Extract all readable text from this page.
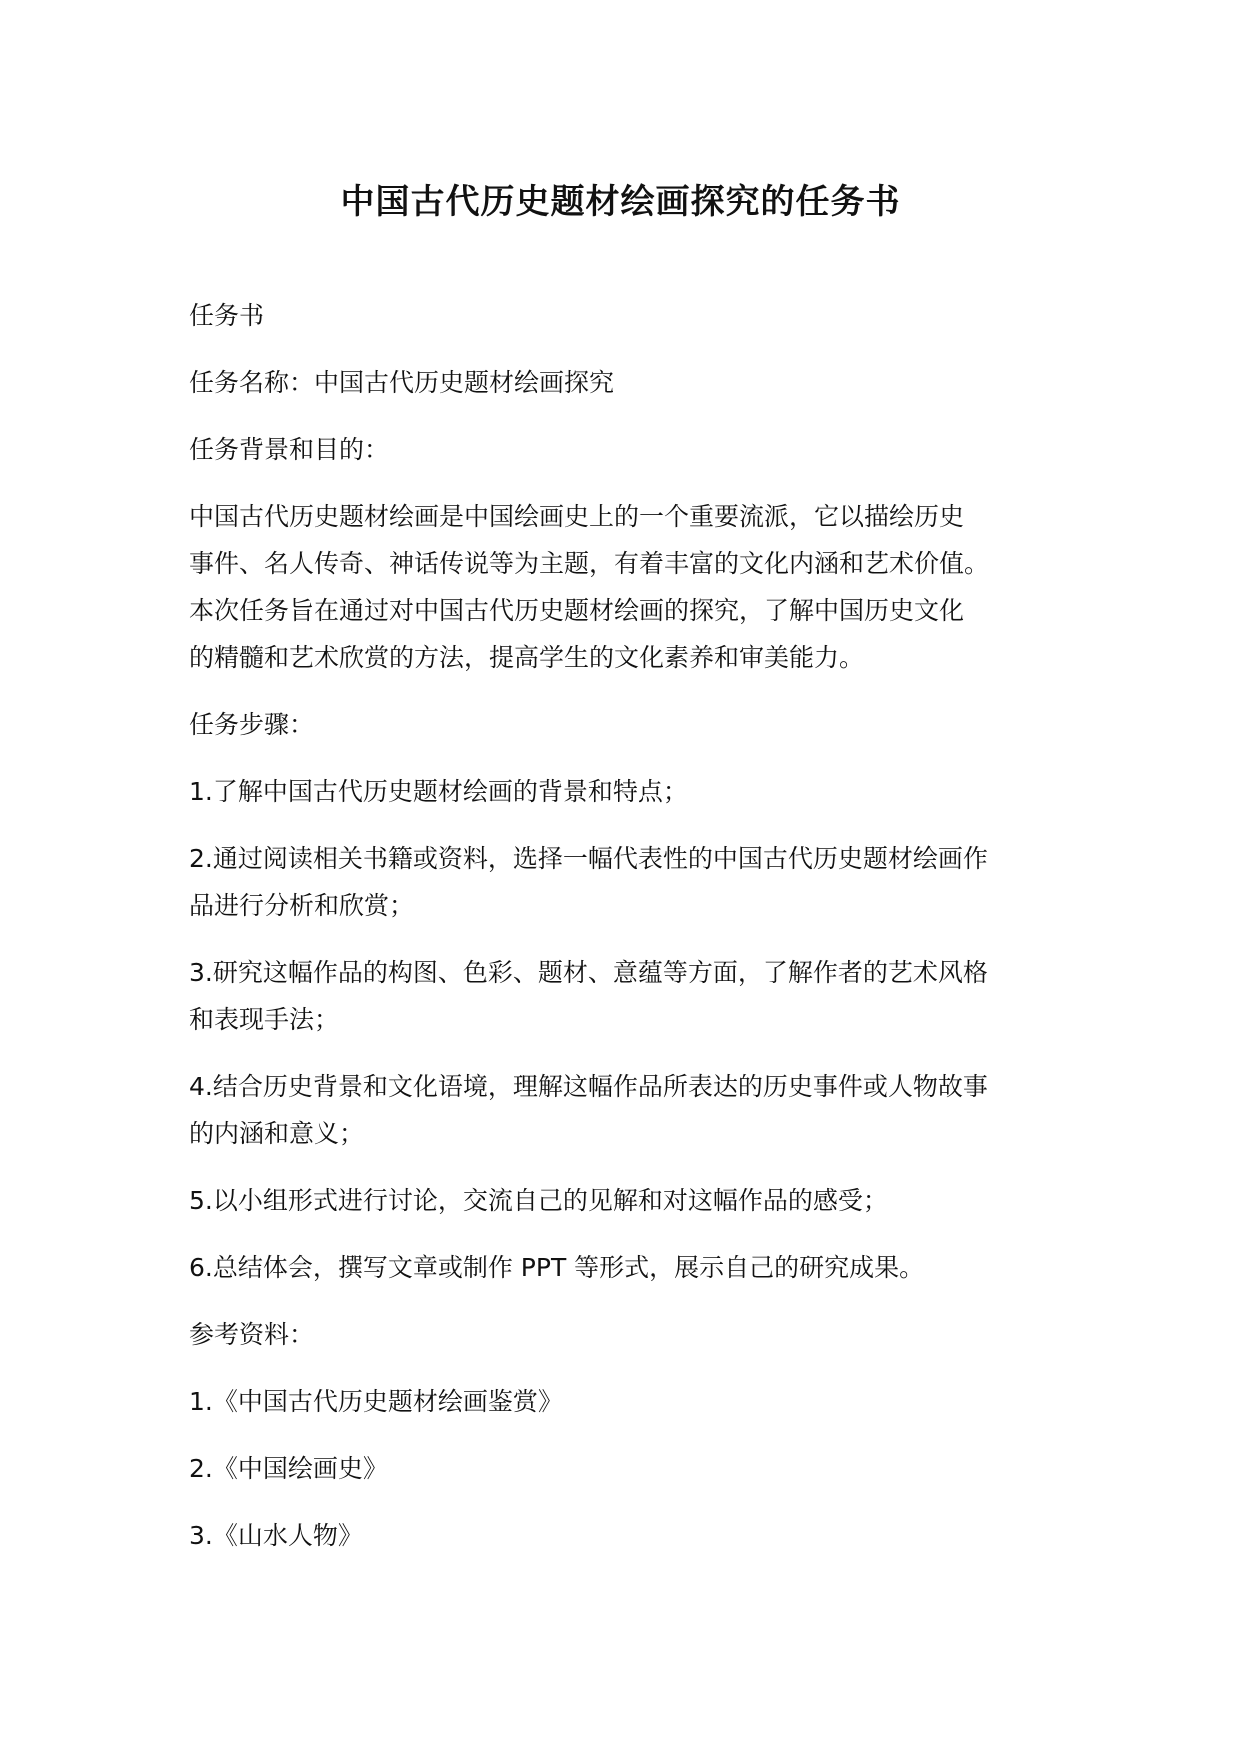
中国古代历史题材绘画探究的任务书

任务书

任务名称：中国古代历史题材绘画探究

任务背景和目的：

中国古代历史题材绘画是中国绘画史上的一个重要流派，它以描绘历史
事件、名人传奇、神话传说等为主题，有着丰富的文化内涵和艺术价值。
本次任务旨在通过对中国古代历史题材绘画的探究，了解中国历史文化
的精髓和艺术欣赏的方法，提高学生的文化素养和审美能力。

任务步骤：

1.了解中国古代历史题材绘画的背景和特点；

2.通过阅读相关书籍或资料，选择一幅代表性的中国古代历史题材绘画作
品进行分析和欣赏；

3.研究这幅作品的构图、色彩、题材、意蕴等方面，了解作者的艺术风格
和表现手法；

4.结合历史背景和文化语境，理解这幅作品所表达的历史事件或人物故事
的内涵和意义；

5.以小组形式进行讨论，交流自己的见解和对这幅作品的感受；

6.总结体会，撰写文章或制作 PPT 等形式，展示自己的研究成果。

参考资料：

1.《中国古代历史题材绘画鉴赏》

2.《中国绘画史》

3.《山水人物》
